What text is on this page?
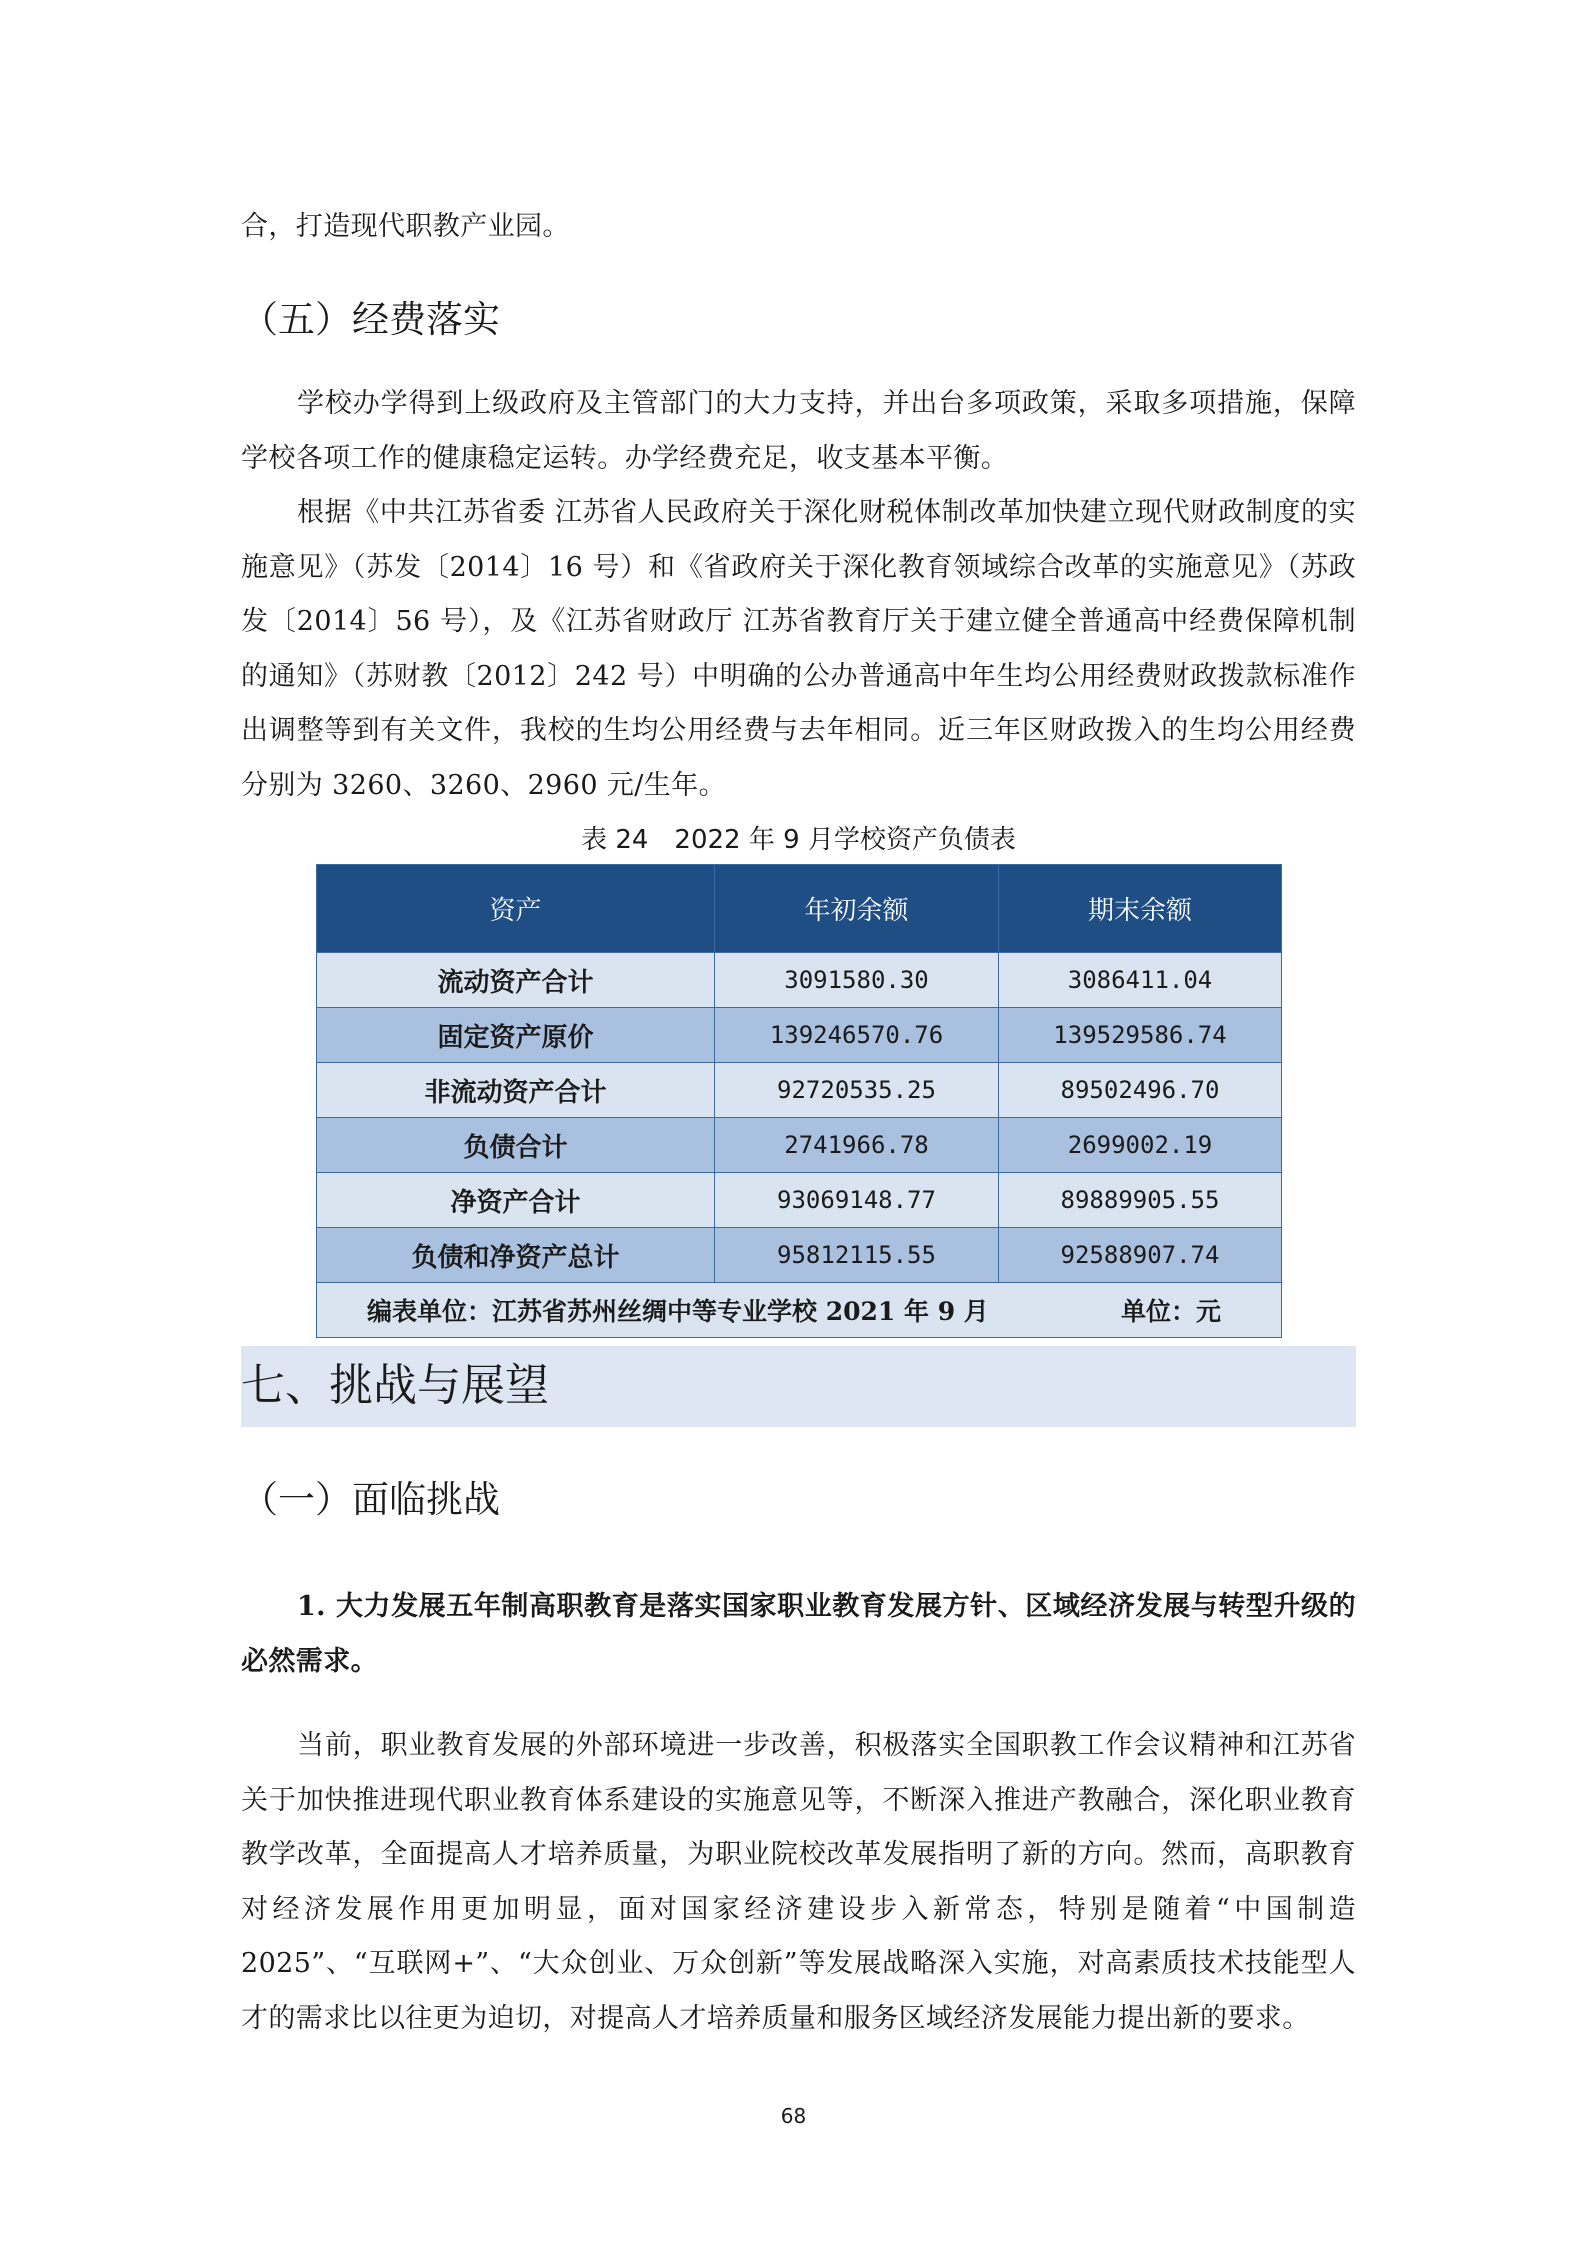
合，打造现代职教产业园。

（五）经费落实

学校办学得到上级政府及主管部门的大力支持，并出台多项政策，采取多项措施，保障学校各项工作的健康稳定运转。办学经费充足，收支基本平衡。

根据《中共江苏省委 江苏省人民政府关于深化财税体制改革加快建立现代财政制度的实施意见》（苏发〔2014〕16 号）和《省政府关于深化教育领域综合改革的实施意见》（苏政发〔2014〕56 号），及《江苏省财政厅 江苏省教育厅关于建立健全普通高中经费保障机制的通知》（苏财教〔2012〕242 号）中明确的公办普通高中年生均公用经费财政拨款标准作出调整等到有关文件，我校的生均公用经费与去年相同。近三年区财政拨入的生均公用经费分别为 3260、3260、2960 元/生年。

表 24　2022 年 9 月学校资产负债表
资产	年初余额	期末余额
流动资产合计	3091580.30	3086411.04
固定资产原价	139246570.76	139529586.74
非流动资产合计	92720535.25	89502496.70
负债合计	2741966.78	2699002.19
净资产合计	93069148.77	89889905.55
负债和净资产总计	95812115.55	92588907.74

编表单位：江苏省苏州丝绸中等专业学校 2021 年 9 月 单位：元		
七、挑战与展望
（一）面临挑战

1. 大力发展五年制高职教育是落实国家职业教育发展方针、区域经济发展与转型升级的必然需求。

当前，职业教育发展的外部环境进一步改善，积极落实全国职教工作会议精神和江苏省关于加快推进现代职业教育体系建设的实施意见等，不断深入推进产教融合，深化职业教育教学改革，全面提高人才培养质量，为职业院校改革发展指明了新的方向。然而，高职教育对经济发展作用更加明显，面对国家经济建设步入新常态，特别是随着“中国制造 2025”、“互联网+”、“大众创业、万众创新”等发展战略深入实施，对高素质技术技能型人才的需求比以往更为迫切，对提高人才培养质量和服务区域经济发展能力提出新的要求。

68
